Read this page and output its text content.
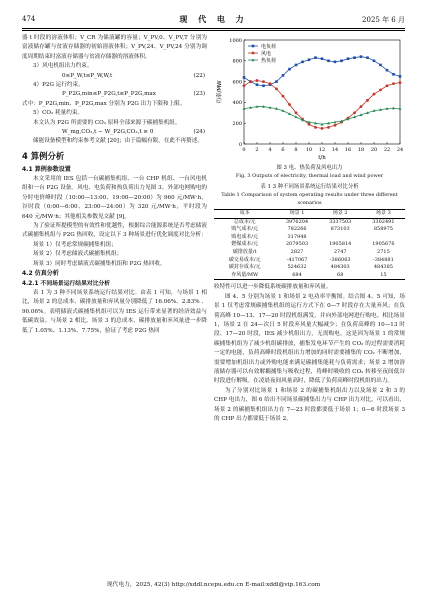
474	现 代 电 力	2025 年 6 月

器 t 时段的溶液体积；V_CR 为储液罐的容量；V_PV,0、V_PV,T 分别为富液储存罐与贫液存储器的初始溶液体积；V_PV,24、V_PV,24 分别为调度周期结束时富液存储器与贫液存储器的溶液体积。

3）风电机组出力约束。

0≤P_W,t≤P_W,W,t	(22)

4）P2G 运行约束。

P_P2G,min≤P_P2G,t≤P_P2G,max	(23)

式中：P_P2G,min、P_P2G,max 分别为 P2G 出力下限和上限。

5）CO₂ 耗量约束。

本文认为 P2G 所需要的 CO₂ 原料全部来源于碳捕集机组。

W_mg,CO₂,t − W_P2G,CO₂,t ≥ 0	(24)

储能设备模型和约束参考文献 [20]；由于篇幅有限，在此不再赘述。

4 算例分析
4.1 算例参数设置

本文采用的 IES 包括一台碳捕集机组、一台 CHP 机组、一台风电机组和一台 P2G 设备。风电、电负荷和热负荷出力见图 3。外部电网购电的分时电价峰时段（10:00—13:00、19:00—20:00）为 960 元/MW·h，谷时段（0:00—6:00、23:00—24:00）为 320 元/MW·h，平时段为 640 元/MW·h；其他相关参数见文献 [9]。

为了验证所提模型的有效性和优越性，根据综合能源系统是否考虑储液式碳捕集机组与 P2G 热回收，设定以下 3 种场景进行优化调度对比分析：

场景 1）仅考虑常规碳捕集机组；

场景 2）仅考虑储液式碳捕集机组；

场景 3）同时考虑储液式碳捕集机组和 P2G 热回收。

4.2 仿真分析
4.2.1 不同场景运行结果对比分析

表 1 为 3 种不同场景系统运行结果对比。由表 1 可知，与场景 1 相比，场景 2 的总成本、碳排放量和弃风量分别降低了 16.06%、2.83% 、90.06%。表明储液式碳捕集机组可以为 IES 运行带来显著的经济效益与低碳效益。与场景 2 相比，场景 3 的总成本、碳排放量和弃风量进一步降低了 1.05%、1.13%、7.75%，验证了考虑 P2G 热回

0
200
400
600
800
1000
0 2 4 6 8 10 12 14 16 18 20 22 24
t/h
功率/MW
电负荷
风电
热负荷

图 3 电、热负荷及风电出力

Fig. 3 Outputs of electricity, thermal load and wind power

表 1 3 种不同场景系统运行结果对比分析

Table 1 Comparison of system operating results under three different scenarios

成本	场景 1	场景 2	场景 3
总成本/元	3976204	3337503	3302491
购气成本/元	782266	873103	858975
购电成本/元	317948		
燃煤成本/元	2079503	1905814	1905676
碳排放量/t	2827	2747	2715
碳交易成本/元	-417067	-386063	-384881
碳封存成本/元	524632	484303	484385
弃风量/MW	684	68	15

收特性可以进一步降低系统碳排放量和弃风量。

图 4、5 分别为场景 1 和场景 2 电功率平衡图。结合图 4、5 可知，场景 1 仅考虑常规碳捕集机组的运行方式下在 0—7 时段存在大量弃风；在负荷高峰 10—13、17—20 时段机组满发，并向外部电网进行购电。相比场景 1，场景 2 在 24—次日 5 时段弃风量大幅减少；在负荷高峰的 10—13 时段、17—20 时段，IES 减少机组出力，无需购电。这是因为场景 1 的常规碳捕集机组为了减少机组碳排放，捕集发电环节产生的 CO₂ 的过程需要消耗一定的电能，负荷高峰时段机组出力增加的同时需要捕集的 CO₂ 不断增加，需要增加机组出力或外购电能来满足碳捕集能耗与负荷需求；场景 2 增加溶液储存器可以有效解耦捕集与吸收过程，将峰时吸收的 CO₂ 转移至夜间低谷时段进行解吸。在凌晨夜间风量高时，降低了负荷高峰时段机组的出力。

为了分别对比场景 1 和场景 2 的碳捕集机组出力以及场景 2 和 3 的 CHP 电出力，图 6 给出不同场景碳捕集出力与 CHP 出力对比。可以看出，场景 2 的碳捕集机组出力在 7—23 时段都要低于场景 1；0—6 时段场景 3 的 CHP 出力都要低于场景 2。

现代电力，2025, 42(3) http://xddl.ncepu.edu.cn E-mail:xddl@vip.163.com
